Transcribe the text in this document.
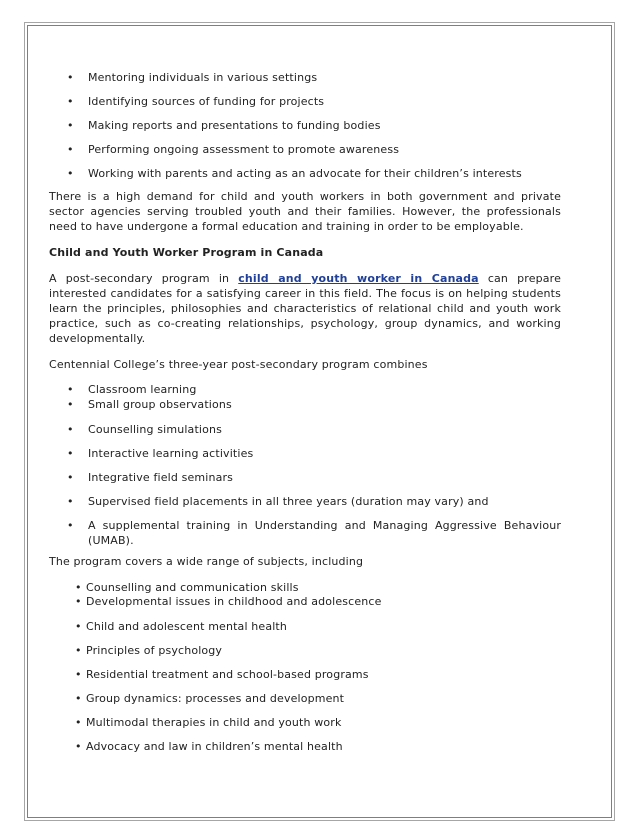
• Mentoring individuals in various settings
• Identifying sources of funding for projects
• Making reports and presentations to funding bodies
• Performing ongoing assessment to promote awareness
• Working with parents and acting as an advocate for their children’s interests

There is a high demand for child and youth workers in both government and private sector agencies serving troubled youth and their families. However, the professionals need to have undergone a formal education and training in order to be employable.

Child and Youth Worker Program in Canada

A post-secondary program in child and youth worker in Canada can prepare interested candidates for a satisfying career in this field. The focus is on helping students learn the principles, philosophies and characteristics of relational child and youth work practice, such as co-creating relationships, psychology, group dynamics, and working developmentally.

Centennial College’s three-year post-secondary program combines

• Classroom learning
• Small group observations
• Counselling simulations
• Interactive learning activities
• Integrative field seminars
• Supervised field placements in all three years (duration may vary) and
• A supplemental training in Understanding and Managing Aggressive Behaviour (UMAB).

The program covers a wide range of subjects, including

• Counselling and communication skills
• Developmental issues in childhood and adolescence
• Child and adolescent mental health
• Principles of psychology
• Residential treatment and school-based programs
• Group dynamics: processes and development
• Multimodal therapies in child and youth work
• Advocacy and law in children’s mental health
